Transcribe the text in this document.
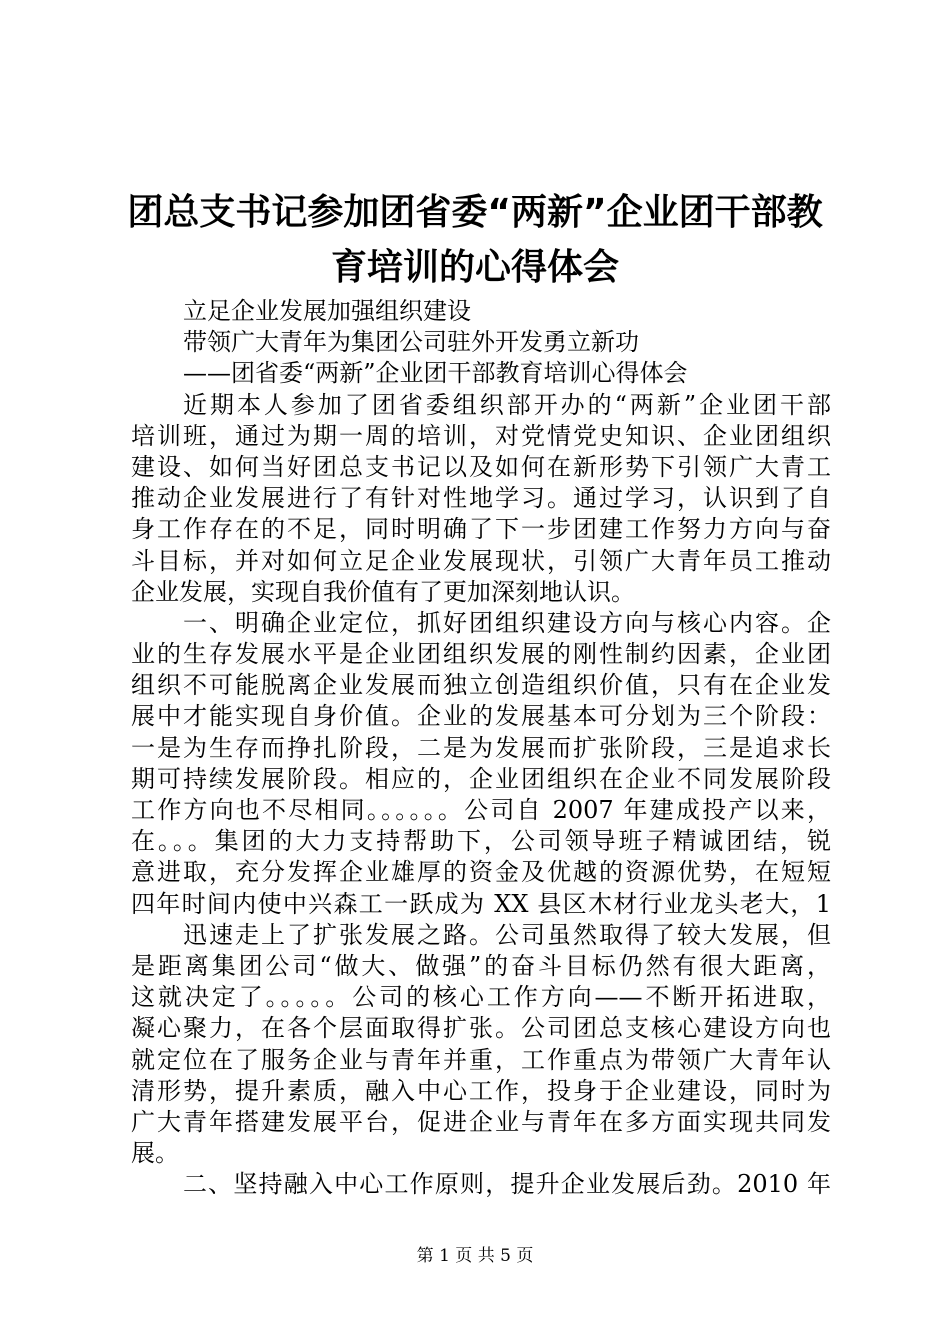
团总支书记参加团省委“两新”企业团干部教
育培训的心得体会
立足企业发展加强组织建设
带领广大青年为集团公司驻外开发勇立新功
——团省委“两新”企业团干部教育培训心得体会
近期本人参加了团省委组织部开办的“两新”企业团干部
培训班，通过为期一周的培训，对党情党史知识、企业团组织
建设、如何当好团总支书记以及如何在新形势下引领广大青工
推动企业发展进行了有针对性地学习。通过学习，认识到了自
身工作存在的不足，同时明确了下一步团建工作努力方向与奋
斗目标，并对如何立足企业发展现状，引领广大青年员工推动
企业发展，实现自我价值有了更加深刻地认识。
一、明确企业定位，抓好团组织建设方向与核心内容。企
业的生存发展水平是企业团组织发展的刚性制约因素，企业团
组织不可能脱离企业发展而独立创造组织价值，只有在企业发
展中才能实现自身价值。企业的发展基本可分划为三个阶段：
一是为生存而挣扎阶段，二是为发展而扩张阶段，三是追求长
期可持续发展阶段。相应的，企业团组织在企业不同发展阶段
工作方向也不尽相同。。。。。。公司自 2007 年建成投产以来，
在。。。集团的大力支持帮助下，公司领导班子精诚团结，锐
意进取，充分发挥企业雄厚的资金及优越的资源优势，在短短
四年时间内使中兴森工一跃成为 XX 县区木材行业龙头老大，1
迅速走上了扩张发展之路。公司虽然取得了较大发展，但
是距离集团公司“做大、做强”的奋斗目标仍然有很大距离，
这就决定了。。。。。公司的核心工作方向——不断开拓进取，
凝心聚力，在各个层面取得扩张。公司团总支核心建设方向也
就定位在了服务企业与青年并重，工作重点为带领广大青年认
清形势，提升素质，融入中心工作，投身于企业建设，同时为
广大青年搭建发展平台，促进企业与青年在多方面实现共同发
展。
二、坚持融入中心工作原则，提升企业发展后劲。2010 年
第 1 页 共 5 页
